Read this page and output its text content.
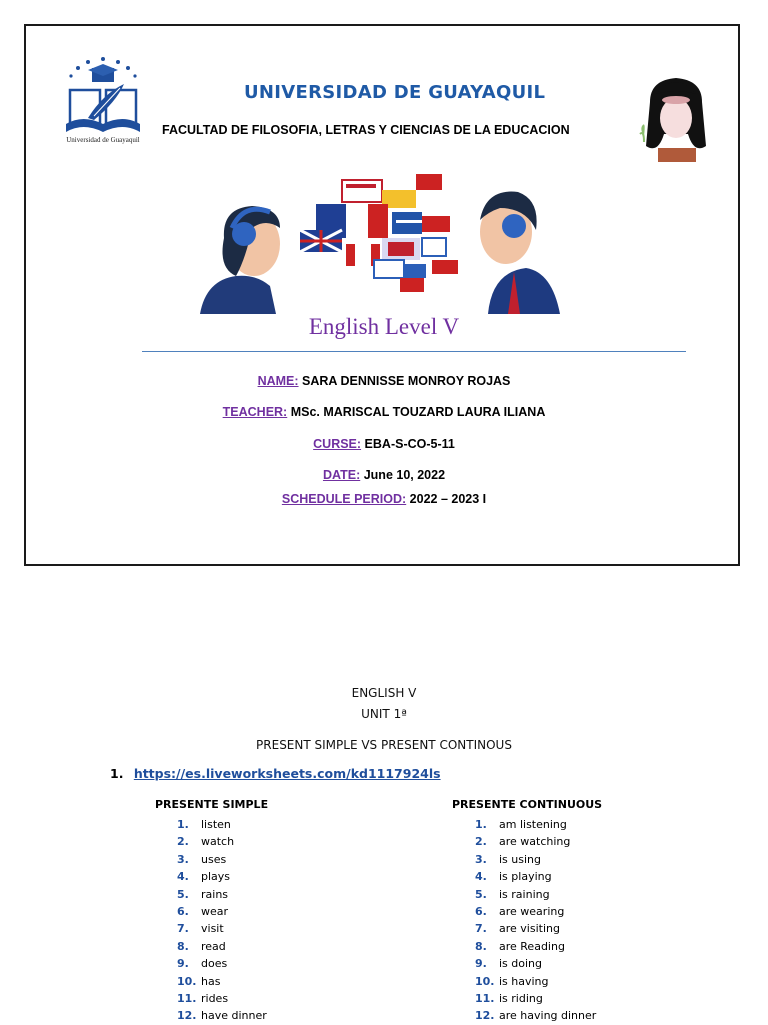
Universidad de Guayaquil
UNIVERSIDAD DE GUAYAQUIL
FACULTAD DE FILOSOFIA, LETRAS Y CIENCIAS DE LA EDUCACION
English Level V
NAME: SARA DENNISSE MONROY ROJAS
TEACHER: MSc. MARISCAL TOUZARD LAURA ILIANA
CURSE: EBA-S-CO-5-11
DATE: June 10, 2022
SCHEDULE PERIOD: 2022 – 2023 I
ENGLISH V
UNIT 1ª
PRESENT SIMPLE VS PRESENT CONTINOUS
1. https://es.liveworksheets.com/kd1117924ls
PRESENTE SIMPLE	PRESENTE CONTINUOUS
1. listen
2. watch
3. uses
4. plays
5. rains
6. wear
7. visit
8. read
9. does
10. has
11. rides
12. have dinner
1. am listening
2. are watching
3. is using
4. is playing
5. is raining
6. are wearing
7. are visiting
8. are Reading
9. is doing
10. is having
11. is riding
12. are having dinner
